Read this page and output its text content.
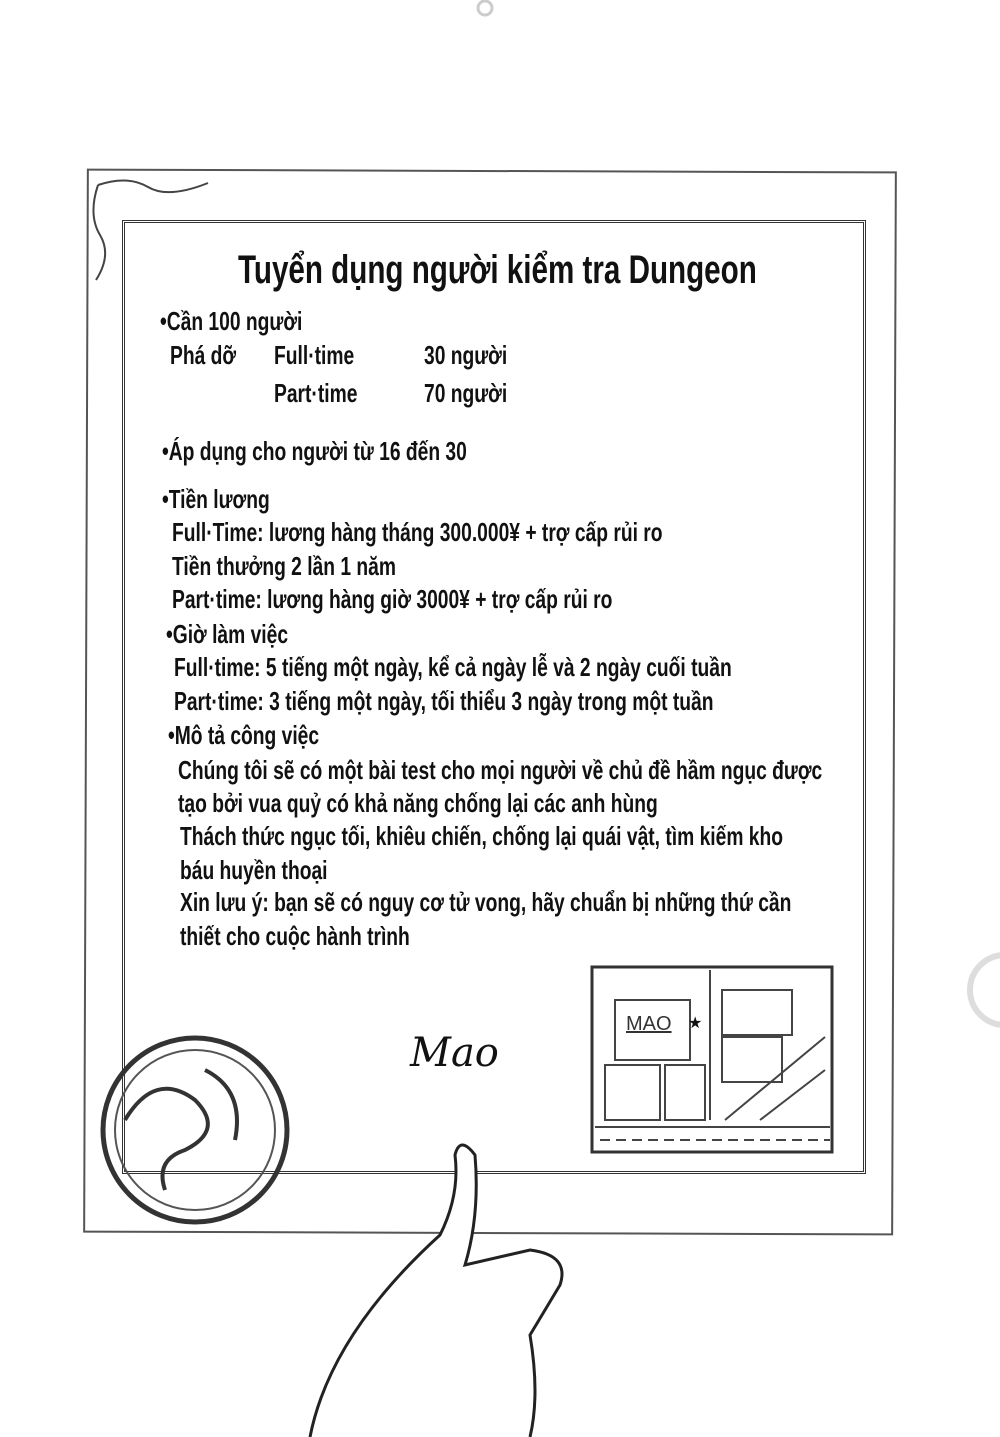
Tuyển dụng người kiểm tra Dungeon
•Cần 100 người
Phá dỡ Full·time	30 người
Part·time	70 người
•Áp dụng cho người từ 16 đến 30
•Tiền lương
Full·Time: lương hàng tháng 300.000¥ + trợ cấp rủi ro
Tiền thưởng 2 lần 1 năm
Part·time: lương hàng giờ 3000¥ + trợ cấp rủi ro
•Giờ làm việc
Full·time: 5 tiếng một ngày, kể cả ngày lễ và 2 ngày cuối tuần
Part·time: 3 tiếng một ngày, tối thiểu 3 ngày trong một tuần
•Mô tả công việc
Chúng tôi sẽ có một bài test cho mọi người về chủ đề hầm ngục được
tạo bởi vua quỷ có khả năng chống lại các anh hùng
Thách thức ngục tối, khiêu chiến, chống lại quái vật, tìm kiếm kho
báu huyền thoại
Xin lưu ý: bạn sẽ có nguy cơ tử vong, hãy chuẩn bị những thứ cần
thiết cho cuộc hành trình
Mao
MAO ★
